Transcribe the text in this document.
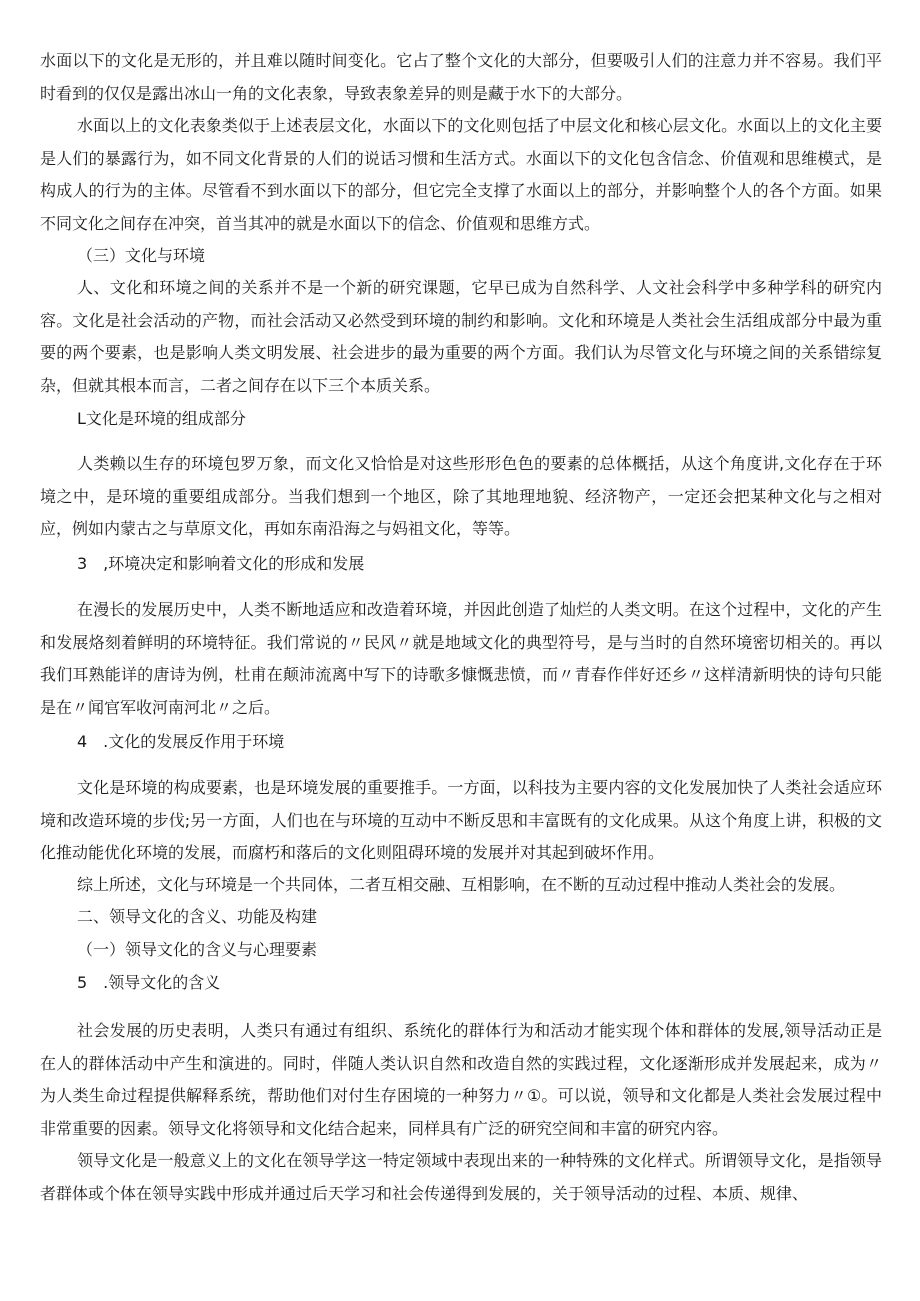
水面以下的文化是无形的，并且难以随时间变化。它占了整个文化的大部分，但要吸引人们的注意力并不容易。我们平时看到的仅仅是露出冰山一角的文化表象，导致表象差异的则是藏于水下的大部分。

水面以上的文化表象类似于上述表层文化，水面以下的文化则包括了中层文化和核心层文化。水面以上的文化主要是人们的暴露行为，如不同文化背景的人们的说话习惯和生活方式。水面以下的文化包含信念、价值观和思维模式，是构成人的行为的主体。尽管看不到水面以下的部分，但它完全支撑了水面以上的部分，并影响整个人的各个方面。如果不同文化之间存在冲突，首当其冲的就是水面以下的信念、价值观和思维方式。

（三）文化与环境

人、文化和环境之间的关系并不是一个新的研究课题，它早已成为自然科学、人文社会科学中多种学科的研究内容。文化是社会活动的产物，而社会活动又必然受到环境的制约和影响。文化和环境是人类社会生活组成部分中最为重要的两个要素，也是影响人类文明发展、社会进步的最为重要的两个方面。我们认为尽管文化与环境之间的关系错综复杂，但就其根本而言，二者之间存在以下三个本质关系。

L文化是环境的组成部分

人类赖以生存的环境包罗万象，而文化又恰恰是对这些形形色色的要素的总体概括，从这个角度讲,文化存在于环境之中，是环境的重要组成部分。当我们想到一个地区，除了其地理地貌、经济物产，一定还会把某种文化与之相对应，例如内蒙古之与草原文化，再如东南沿海之与妈祖文化，等等。

3　,环境决定和影响着文化的形成和发展

在漫长的发展历史中，人类不断地适应和改造着环境，并因此创造了灿烂的人类文明。在这个过程中，文化的产生和发展烙刻着鲜明的环境特征。我们常说的〃民风〃就是地域文化的典型符号，是与当时的自然环境密切相关的。再以我们耳熟能详的唐诗为例，杜甫在颠沛流离中写下的诗歌多慷慨悲愤，而〃青春作伴好还乡〃这样清新明快的诗句只能是在〃闻官军收河南河北〃之后。

4　.文化的发展反作用于环境

文化是环境的构成要素，也是环境发展的重要推手。一方面，以科技为主要内容的文化发展加快了人类社会适应环境和改造环境的步伐;另一方面，人们也在与环境的互动中不断反思和丰富既有的文化成果。从这个角度上讲，积极的文化推动能优化环境的发展，而腐朽和落后的文化则阻碍环境的发展并对其起到破坏作用。

综上所述，文化与环境是一个共同体，二者互相交融、互相影响，在不断的互动过程中推动人类社会的发展。

二、领导文化的含义、功能及构建

（一）领导文化的含义与心理要素

5　.领导文化的含义

社会发展的历史表明，人类只有通过有组织、系统化的群体行为和活动才能实现个体和群体的发展,领导活动正是在人的群体活动中产生和演进的。同时，伴随人类认识自然和改造自然的实践过程，文化逐渐形成并发展起来，成为〃为人类生命过程提供解释系统，帮助他们对付生存困境的一种努力〃①。可以说，领导和文化都是人类社会发展过程中非常重要的因素。领导文化将领导和文化结合起来，同样具有广泛的研究空间和丰富的研究内容。

领导文化是一般意义上的文化在领导学这一特定领域中表现出来的一种特殊的文化样式。所谓领导文化，是指领导者群体或个体在领导实践中形成并通过后天学习和社会传递得到发展的，关于领导活动的过程、本质、规律、
